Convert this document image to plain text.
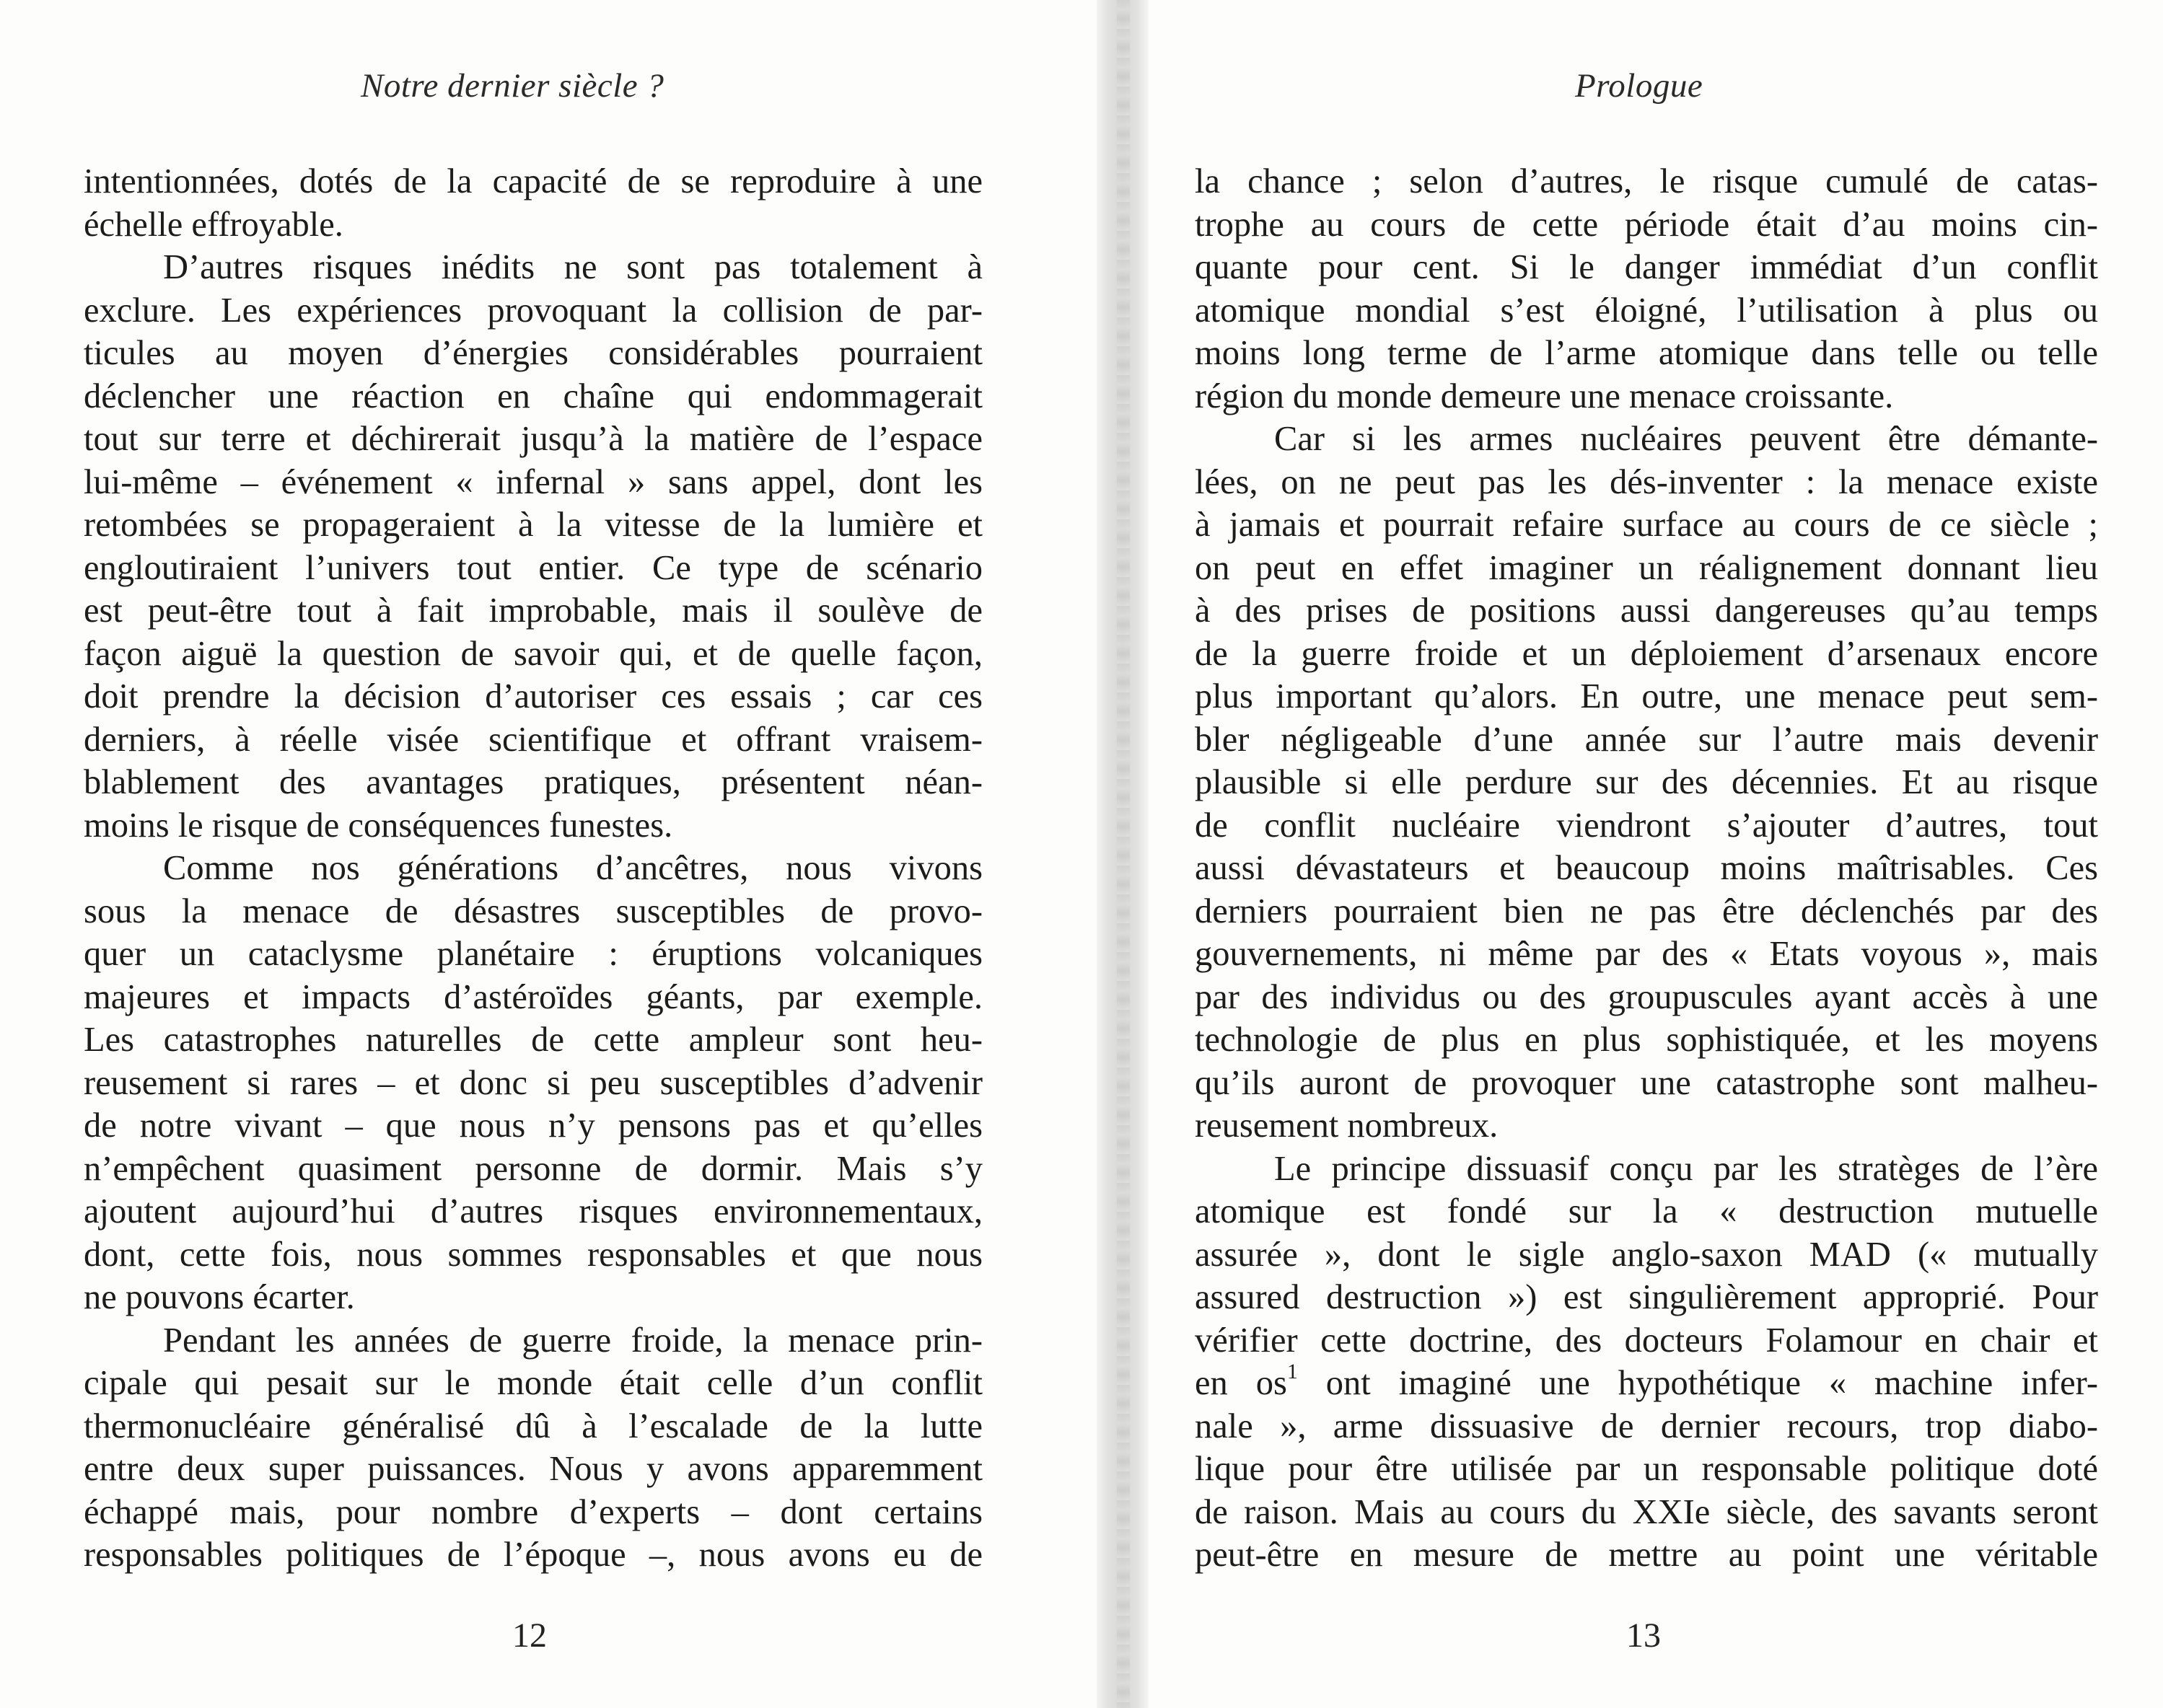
Notre dernier siècle ?
intentionnées, dotés de la capacité de se reproduire à une
échelle effroyable.
D’autres risques inédits ne sont pas totalement à
exclure. Les expériences provoquant la collision de par-
ticules au moyen d’énergies considérables pourraient
déclencher une réaction en chaîne qui endommagerait
tout sur terre et déchirerait jusqu’à la matière de l’espace
lui-même – événement « infernal » sans appel, dont les
retombées se propageraient à la vitesse de la lumière et
engloutiraient l’univers tout entier. Ce type de scénario
est peut-être tout à fait improbable, mais il soulève de
façon aiguë la question de savoir qui, et de quelle façon,
doit prendre la décision d’autoriser ces essais ; car ces
derniers, à réelle visée scientifique et offrant vraisem-
blablement des avantages pratiques, présentent néan-
moins le risque de conséquences funestes.
Comme nos générations d’ancêtres, nous vivons
sous la menace de désastres susceptibles de provo-
quer un cataclysme planétaire : éruptions volcaniques
majeures et impacts d’astéroïdes géants, par exemple.
Les catastrophes naturelles de cette ampleur sont heu-
reusement si rares – et donc si peu susceptibles d’advenir
de notre vivant – que nous n’y pensons pas et qu’elles
n’empêchent quasiment personne de dormir. Mais s’y
ajoutent aujourd’hui d’autres risques environnementaux,
dont, cette fois, nous sommes responsables et que nous
ne pouvons écarter.
Pendant les années de guerre froide, la menace prin-
cipale qui pesait sur le monde était celle d’un conflit
thermonucléaire généralisé dû à l’escalade de la lutte
entre deux super puissances. Nous y avons apparemment
échappé mais, pour nombre d’experts – dont certains
responsables politiques de l’époque –, nous avons eu de
12
Prologue
la chance ; selon d’autres, le risque cumulé de catas-
trophe au cours de cette période était d’au moins cin-
quante pour cent. Si le danger immédiat d’un conflit
atomique mondial s’est éloigné, l’utilisation à plus ou
moins long terme de l’arme atomique dans telle ou telle
région du monde demeure une menace croissante.
Car si les armes nucléaires peuvent être démante-
lées, on ne peut pas les dés-inventer : la menace existe
à jamais et pourrait refaire surface au cours de ce siècle ;
on peut en effet imaginer un réalignement donnant lieu
à des prises de positions aussi dangereuses qu’au temps
de la guerre froide et un déploiement d’arsenaux encore
plus important qu’alors. En outre, une menace peut sem-
bler négligeable d’une année sur l’autre mais devenir
plausible si elle perdure sur des décennies. Et au risque
de conflit nucléaire viendront s’ajouter d’autres, tout
aussi dévastateurs et beaucoup moins maîtrisables. Ces
derniers pourraient bien ne pas être déclenchés par des
gouvernements, ni même par des « Etats voyous », mais
par des individus ou des groupuscules ayant accès à une
technologie de plus en plus sophistiquée, et les moyens
qu’ils auront de provoquer une catastrophe sont malheu-
reusement nombreux.
Le principe dissuasif conçu par les stratèges de l’ère
atomique est fondé sur la « destruction mutuelle
assurée », dont le sigle anglo-saxon MAD (« mutually
assured destruction ») est singulièrement approprié. Pour
vérifier cette doctrine, des docteurs Folamour en chair et
en $os^1$ ont imaginé une hypothétique « machine infer-
nale », arme dissuasive de dernier recours, trop diabo-
lique pour être utilisée par un responsable politique doté
de raison. Mais au cours du XXIe siècle, des savants seront
peut-être en mesure de mettre au point une véritable
13
